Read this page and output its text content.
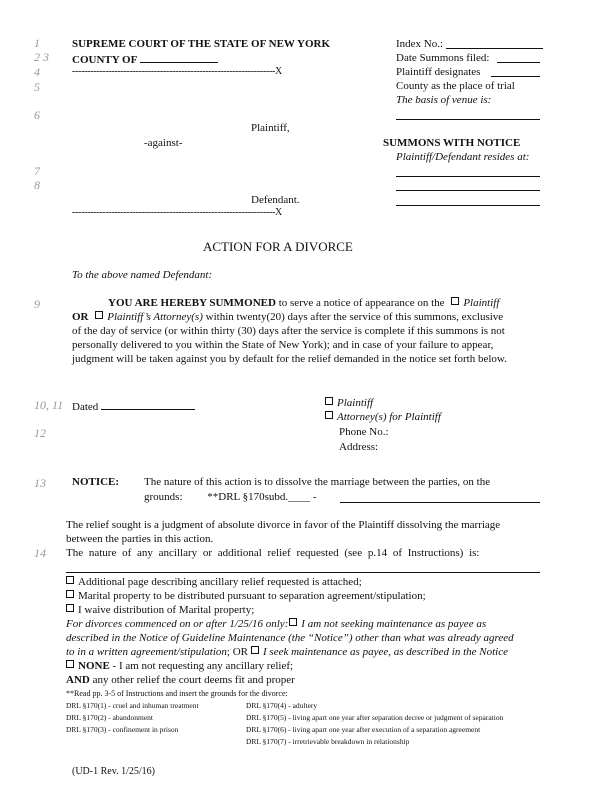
1
2 3
4
5
6
7
8
9
10, 11
12
13
14
SUPREME COURT OF THE STATE OF NEW YORK
COUNTY OF
-------------------------------------------------------------------X
Plaintiff,
-against-
Defendant.
-------------------------------------------------------------------X
Index No.:
Date Summons filed:
Plaintiff designates
County as the place of trial
The basis of venue is:
SUMMONS WITH NOTICE
Plaintiff/Defendant resides at:
ACTION FOR A DIVORCE
To the above named Defendant:
YOU ARE HEREBY SUMMONED to serve a notice of appearance on the Plaintiff
OR Plaintiff’s Attorney(s) within twenty(20) days after the service of this summons, exclusive
of the day of service (or within thirty (30) days after the service is complete if this summons is not
personally delivered to you within the State of New York); and in case of your failure to appear,
judgment will be taken against you by default for the relief demanded in the notice set forth below.
Dated	Plaintiff
Attorney(s) for Plaintiff
Phone No.:
Address:
NOTICE: The nature of this action is to dissolve the marriage between the parties, on the
grounds: **DRL §170subd.____ -
The relief sought is a judgment of absolute divorce in favor of the Plaintiff dissolving the marriage
between the parties in this action.
The nature of any ancillary or additional relief requested (see p.14 of Instructions) is:
Additional page describing ancillary relief requested is attached;
Marital property to be distributed pursuant to separation agreement/stipulation;
I waive distribution of Marital property;
For divorces commenced on or after 1/25/16 only: I am not seeking maintenance as payee as
described in the Notice of Guideline Maintenance (the “Notice”) other than what was already agreed
to in a written agreement/stipulation; OR I seek maintenance as payee, as described in the Notice
NONE - I am not requesting any ancillary relief;
AND any other relief the court deems fit and proper
**Read pp. 3-5 of Instructions and insert the grounds for the divorce:
DRL §170(1) - cruel and inhuman treatment
DRL §170(2) - abandonment
DRL §170(3) - confinement in prison
DRL §170(4) - adultery
DRL §170(5) - living apart one year after separation decree or judgment of separation
DRL §170(6) - living apart one year after execution of a separation agreement
DRL §170(7) - irretrievable breakdown in relationship
(UD-1 Rev. 1/25/16)
